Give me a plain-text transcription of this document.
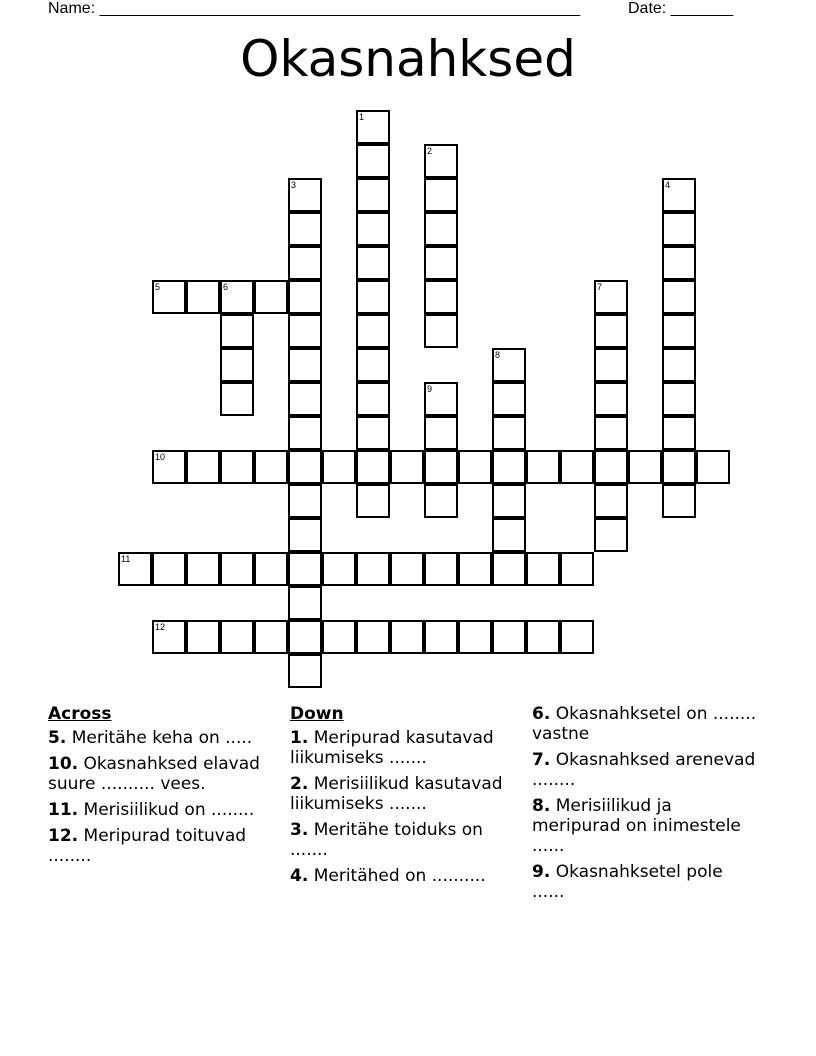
Name: ______________________________________________________	Date: _______
Okasnahksed
1
2
3	4
5	6	7
8
9
10
11
12
Across
5. Meritähe keha on .....
10. Okasnahksed elavad suure .......... vees.
11. Merisiilikud on ........
12. Meripurad toituvad ........
Down
1. Meripurad kasutavad liikumiseks .......
2. Merisiilikud kasutavad liikumiseks .......
3. Meritähe toiduks on .......
4. Meritähed on ..........
6. Okasnahksetel on ........ vastne
7. Okasnahksed arenevad ........
8. Merisiilikud ja meripurad on inimestele ......
9. Okasnahksetel pole ......
